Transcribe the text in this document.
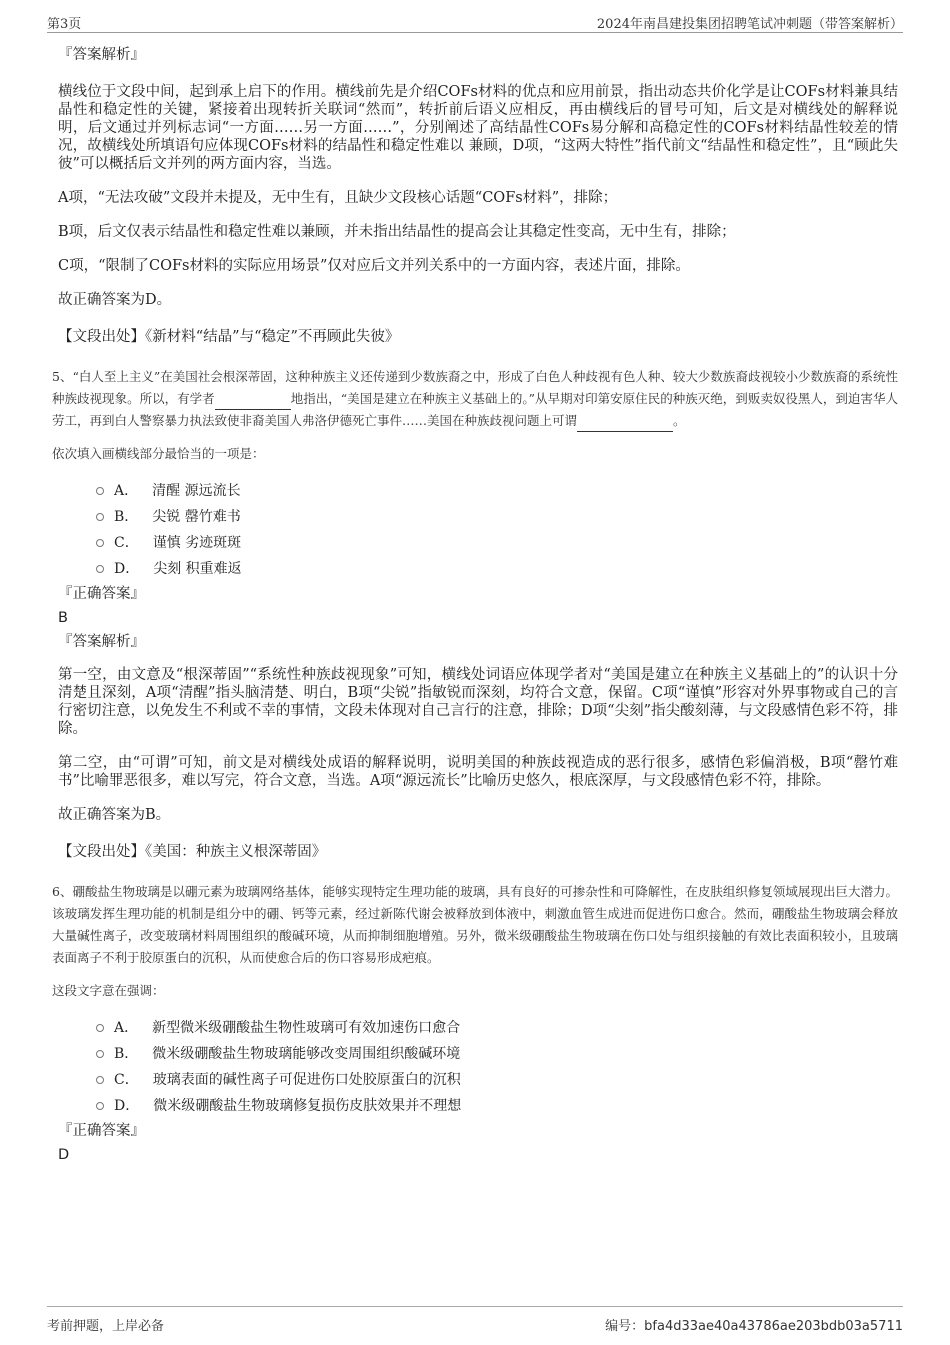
第3页	2024年南昌建投集团招聘笔试冲刺题（带答案解析）
『答案解析』

横线位于文段中间，起到承上启下的作用。横线前先是介绍COFs材料的优点和应用前景，指出动态共价化学是让COFs材料兼具结晶性和稳定性的关键，紧接着出现转折关联词“然而”，转折前后语义应相反，再由横线后的冒号可知，后文是对横线处的解释说明，后文通过并列标志词“一方面……另一方面……”，分别阐述了高结晶性COFs易分解和高稳定性的COFs材料结晶性较差的情况，故横线处所填语句应体现COFs材料的结晶性和稳定性难以 兼顾，D项，“这两大特性”指代前文“结晶性和稳定性”，且“顾此失彼”可以概括后文并列的两方面内容，当选。

A项，“无法攻破”文段并未提及，无中生有，且缺少文段核心话题“COFs材料”，排除；

B项，后文仅表示结晶性和稳定性难以兼顾，并未指出结晶性的提高会让其稳定性变高，无中生有，排除；

C项，“限制了COFs材料的实际应用场景”仅对应后文并列关系中的一方面内容，表述片面，排除。

故正确答案为D。

【文段出处】《新材料“结晶”与“稳定”不再顾此失彼》

5、“白人至上主义”在美国社会根深蒂固，这种种族主义还传递到少数族裔之中，形成了白色人种歧视有色人种、较大少数族裔歧视较小少数族裔的系统性种族歧视现象。所以，有学者	地指出，“美国是建立在种族主义基础上的。”从早期对印第安原住民的种族灭绝，到贩卖奴役黑人，到迫害华人劳工，再到白人警察暴力执法致使非裔美国人弗洛伊德死亡事件……美国在种族歧视问题上可谓	。

依次填入画横线部分最恰当的一项是：

A． 清醒 源远流长
B． 尖锐 罄竹难书
C． 谨慎 劣迹斑斑
D． 尖刻 积重难返
『正确答案』
B
『答案解析』

第一空，由文意及“根深蒂固”“系统性种族歧视现象”可知，横线处词语应体现学者对“美国是建立在种族主义基础上的”的认识十分清楚且深刻，A项“清醒”指头脑清楚、明白，B项“尖锐”指敏锐而深刻，均符合文意，保留。C项“谨慎”形容对外界事物或自己的言行密切注意，以免发生不利或不幸的事情，文段未体现对自己言行的注意，排除；D项“尖刻”指尖酸刻薄，与文段感情色彩不符，排除。

第二空，由“可谓”可知，前文是对横线处成语的解释说明，说明美国的种族歧视造成的恶行很多，感情色彩偏消极，B项“罄竹难书”比喻罪恶很多，难以写完，符合文意，当选。A项“源远流长”比喻历史悠久，根底深厚，与文段感情色彩不符，排除。

故正确答案为B。

【文段出处】《美国：种族主义根深蒂固》

6、硼酸盐生物玻璃是以硼元素为玻璃网络基体，能够实现特定生理功能的玻璃，具有良好的可掺杂性和可降解性，在皮肤组织修复领域展现出巨大潜力。该玻璃发挥生理功能的机制是组分中的硼、钙等元素，经过新陈代谢会被释放到体液中，刺激血管生成进而促进伤口愈合。然而，硼酸盐生物玻璃会释放大量碱性离子，改变玻璃材料周围组织的酸碱环境，从而抑制细胞增殖。另外，微米级硼酸盐生物玻璃在伤口处与组织接触的有效比表面积较小，且玻璃表面离子不利于胶原蛋白的沉积，从而使愈合后的伤口容易形成疤痕。

这段文字意在强调：

A． 新型微米级硼酸盐生物性玻璃可有效加速伤口愈合
B． 微米级硼酸盐生物玻璃能够改变周围组织酸碱环境
C． 玻璃表面的碱性离子可促进伤口处胶原蛋白的沉积
D． 微米级硼酸盐生物玻璃修复损伤皮肤效果并不理想
『正确答案』
D
考前押题，上岸必备	编号：bfa4d33ae40a43786ae203bdb03a5711
